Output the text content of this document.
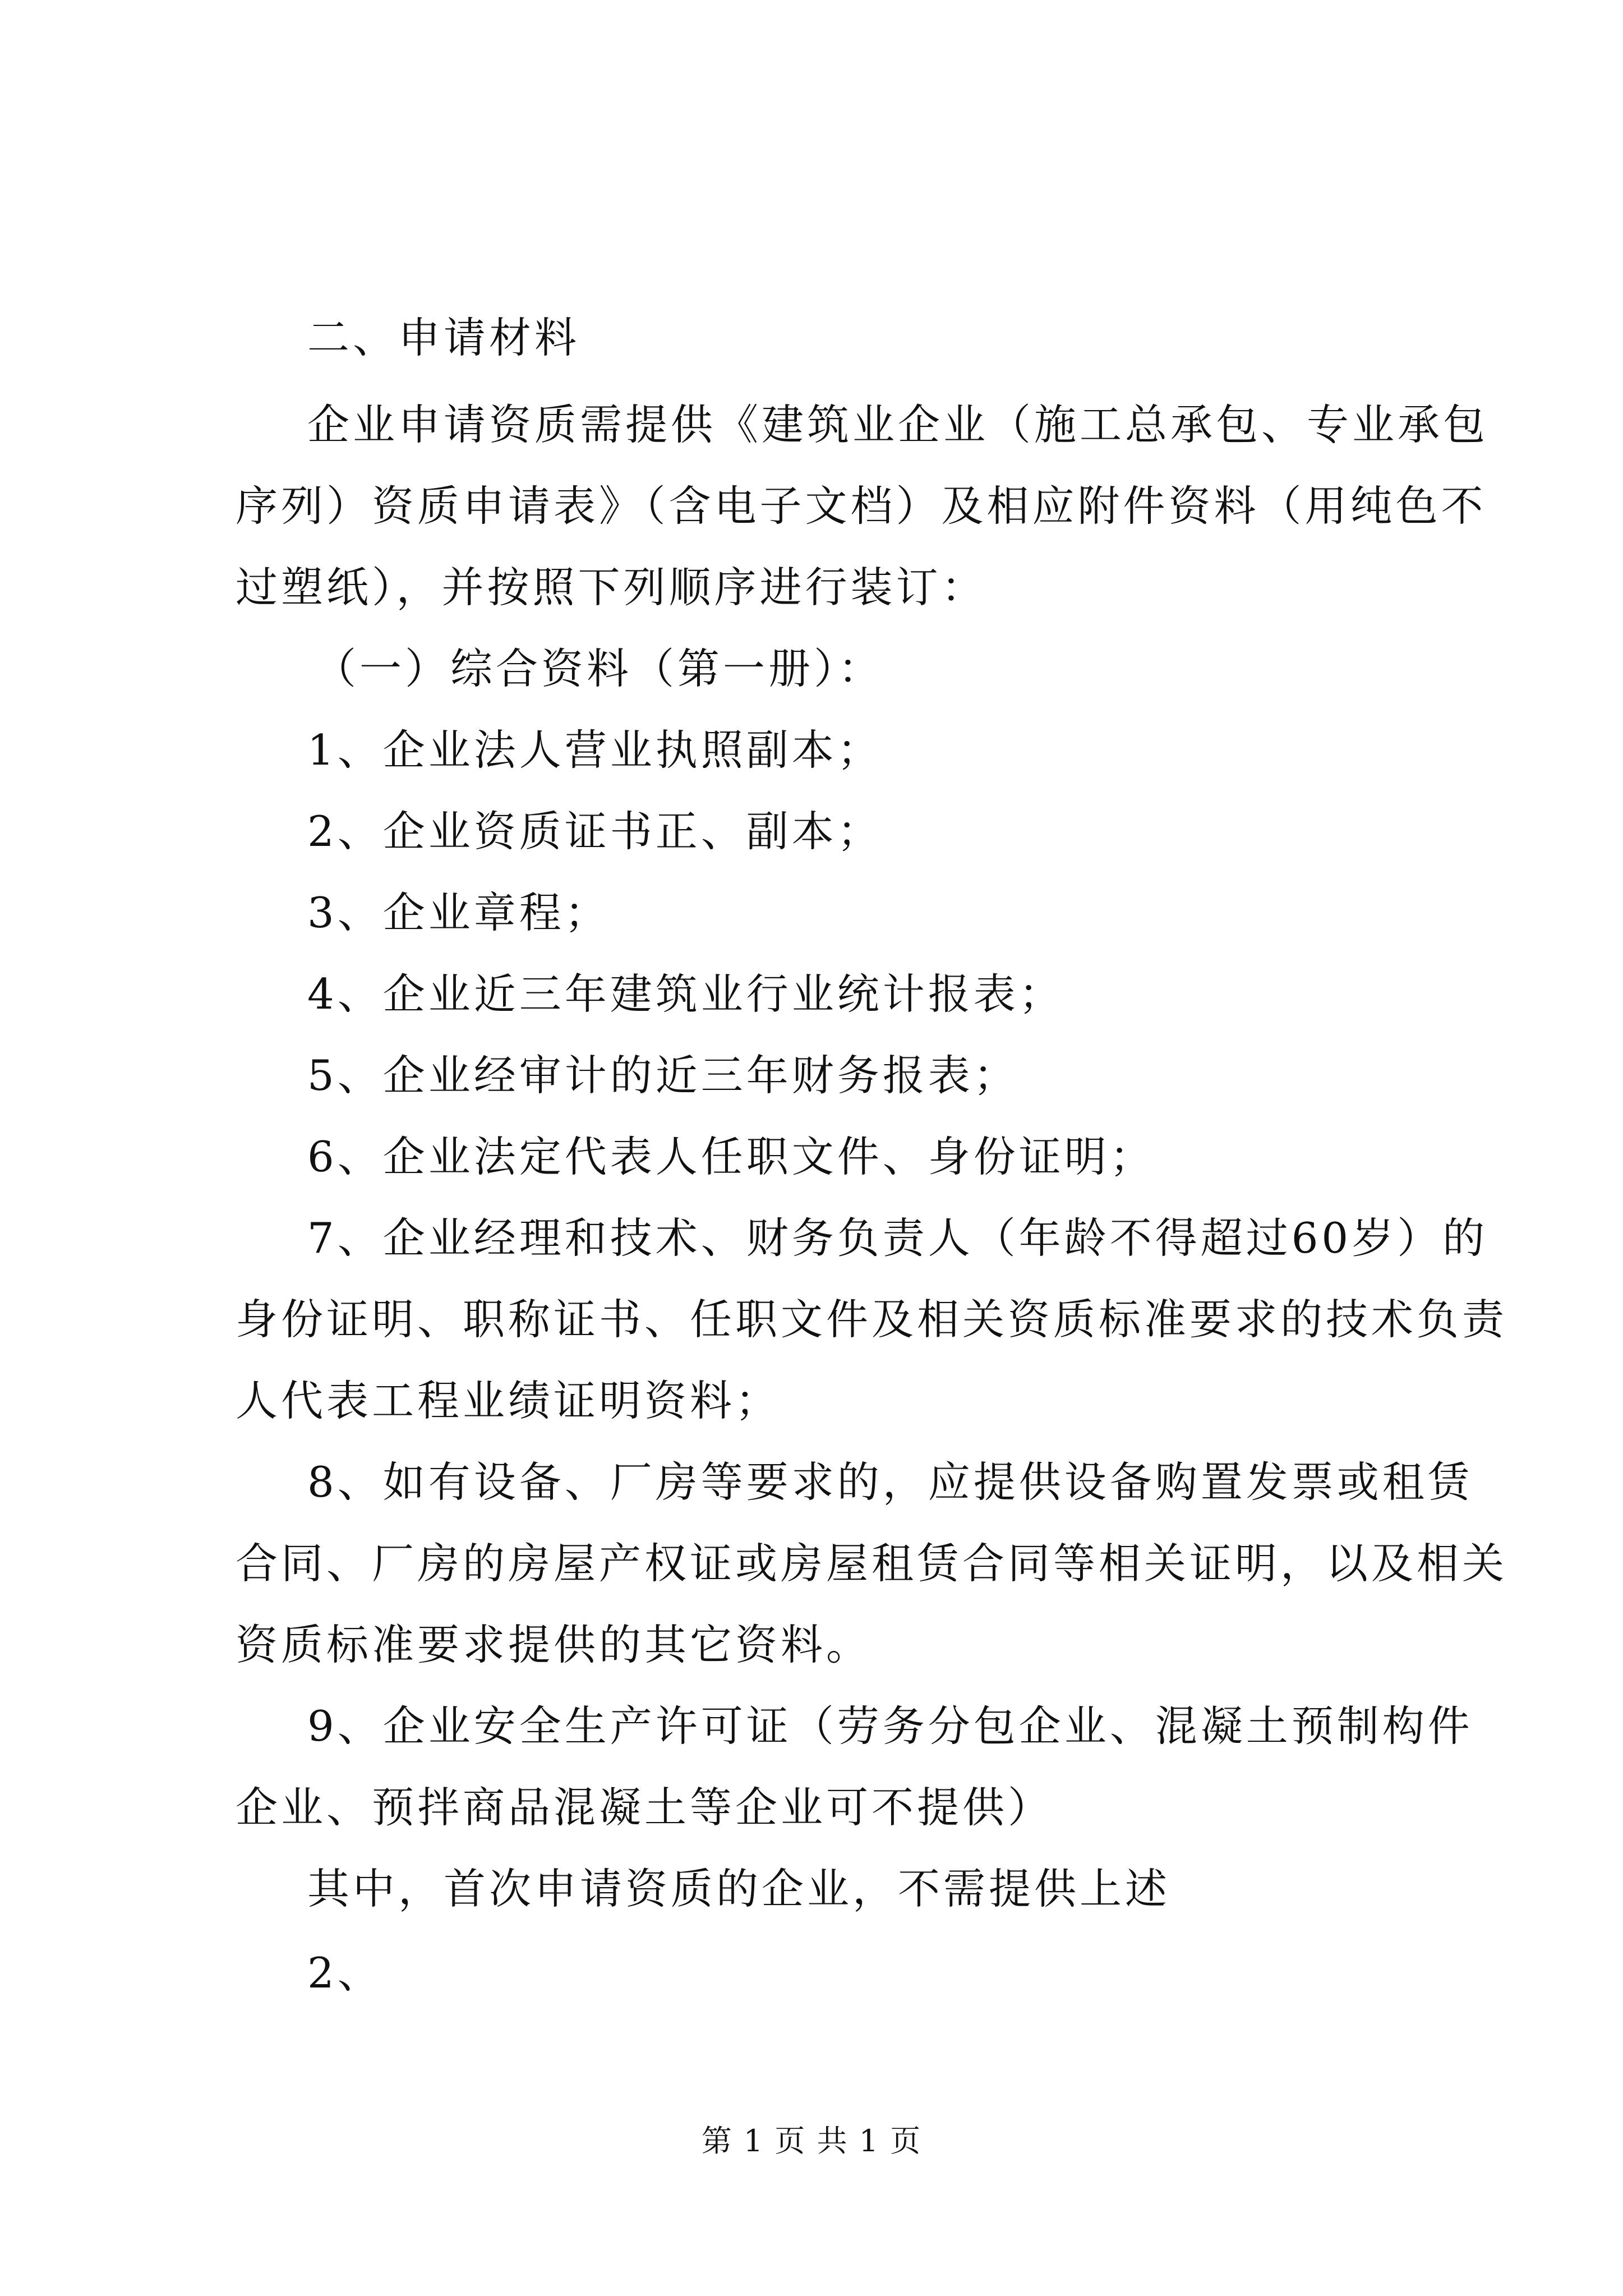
二、申请材料
企业申请资质需提供《建筑业企业（施工总承包、专业承包
序列）资质申请表》（含电子文档）及相应附件资料（用纯色不
过塑纸），并按照下列顺序进行装订：
（一）综合资料（第一册）：
1、企业法人营业执照副本；
2、企业资质证书正、副本；
3、企业章程；
4、企业近三年建筑业行业统计报表；
5、企业经审计的近三年财务报表；
6、企业法定代表人任职文件、身份证明；
7、企业经理和技术、财务负责人（年龄不得超过60岁）的
身份证明、职称证书、任职文件及相关资质标准要求的技术负责
人代表工程业绩证明资料；
8、如有设备、厂房等要求的，应提供设备购置发票或租赁
合同、厂房的房屋产权证或房屋租赁合同等相关证明，以及相关
资质标准要求提供的其它资料。
9、企业安全生产许可证（劳务分包企业、混凝土预制构件
企业、预拌商品混凝土等企业可不提供）
其中，首次申请资质的企业，不需提供上述
2、
第 1 页 共 1 页
